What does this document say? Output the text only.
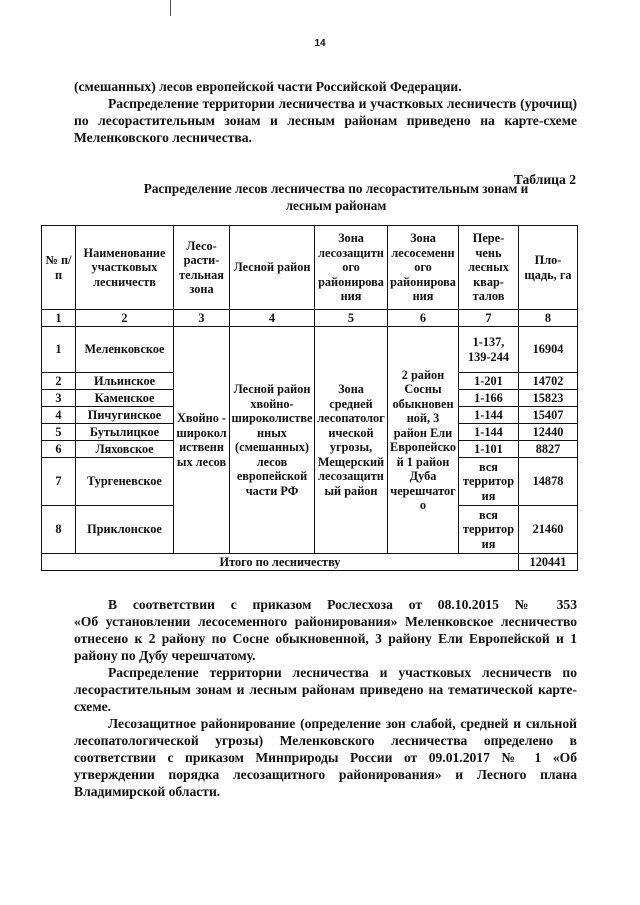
14

(смешанных) лесов европейской части Российской Федерации.

Распределение территории лесничества и участковых лесничеств (урочищ)

по лесорастительным зонам и лесным районам приведено на карте-схеме

Меленковского лесничества.

Таблица 2
Распределение лесов лесничества по лесорастительным зонам и
лесным районам
№ п/п	Наименование участковых лесничеств	Лесо-расти-тельная зона	Лесной район	Зона лесозащитного районирования	Зона лесосеменного районирования	Пере-чень лесных квар-талов	Пло-щадь, га
1	2	3	4	5	6	7	8
1	Меленковское	Хвойно - широколиственных лесов	Лесной район хвойно-широколиственных (смешанных) лесов европейской части РФ	Зона средней лесопатологической угрозы, Мещерский лесозащитный район	2 район Сосны обыкновенной, 3 район Ели Европейской 1 район Дуба черешчатого	1-137, 139-244	16904
2	Ильинское					1-201	14702
3	Каменское					1-166	15823
4	Пичугинское					1-144	15407
5	Бутылицкое					1-144	12440
6	Ляховское					1-101	8827
7	Тургеневское					вся территория	14878
8	Приклонское					вся территория	21460
Итого по лесничеству							120441
В соответствии с приказом Рослесхоза от 08.10.2015 № 353
«Об установлении лесосеменного районирования» Меленковское лесничество
отнесено к 2 району по Сосне обыкновенной, 3 району Ели Европейской и 1
району по Дубу черешчатому.
Распределение территории лесничества и участковых лесничеств по
лесорастительным зонам и лесным районам приведено на тематической карте-
схеме.
Лесозащитное районирование (определение зон слабой, средней и сильной
лесопатологической угрозы) Меленковского лесничества определено в
соответствии с приказом Минприроды России от 09.01.2017 № 1 «Об
утверждении порядка лесозащитного районирования» и Лесного плана
Владимирской области.
